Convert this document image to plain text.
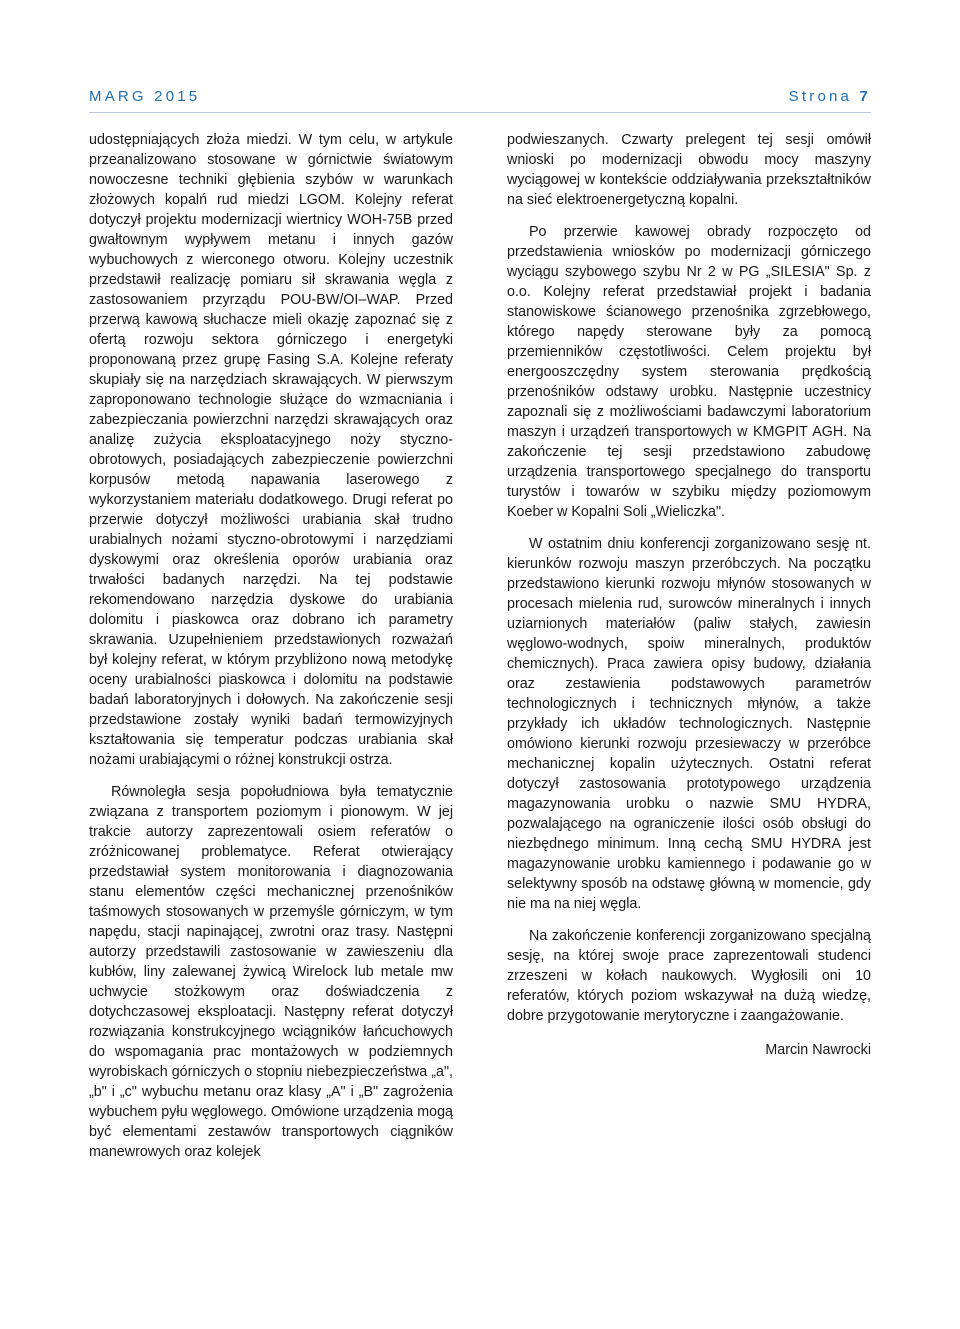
MARG 2015	Strona 7

udostępniających złoża miedzi. W tym celu, w artykule przeanalizowano stosowane w górnictwie światowym nowoczesne techniki głębienia szybów w warunkach złożowych kopalń rud miedzi LGOM. Kolejny referat dotyczył projektu modernizacji wiertnicy WOH-75B przed gwałtownym wypływem metanu i innych gazów wybuchowych z wierconego otworu. Kolejny uczestnik przedstawił realizację pomiaru sił skrawania węgla z zastosowaniem przyrządu POU-BW/OI–WAP. Przed przerwą kawową słuchacze mieli okazję zapoznać się z ofertą rozwoju sektora górniczego i energetyki proponowaną przez grupę Fasing S.A. Kolejne referaty skupiały się na narzędziach skrawających. W pierwszym zaproponowano technologie służące do wzmacniania i zabezpieczania powierzchni narzędzi skrawających oraz analizę zużycia eksploatacyjnego noży styczno-obrotowych, posiadających zabezpieczenie powierzchni korpusów metodą napawania laserowego z wykorzystaniem materiału dodatkowego. Drugi referat po przerwie dotyczył możliwości urabiania skał trudno urabialnych nożami styczno-obrotowymi i narzędziami dyskowymi oraz określenia oporów urabiania oraz trwałości badanych narzędzi. Na tej podstawie rekomendowano narzędzia dyskowe do urabiania dolomitu i piaskowca oraz dobrano ich parametry skrawania. Uzupełnieniem przedstawionych rozważań był kolejny referat, w którym przybliżono nową metodykę oceny urabialności piaskowca i dolomitu na podstawie badań laboratoryjnych i dołowych. Na zakończenie sesji przedstawione zostały wyniki badań termowizyjnych kształtowania się temperatur podczas urabiania skał nożami urabiającymi o różnej konstrukcji ostrza.

Równoległa sesja popołudniowa była tematycznie związana z transportem poziomym i pionowym. W jej trakcie autorzy zaprezentowali osiem referatów o zróżnicowanej problematyce. Referat otwierający przedstawiał system monitorowania i diagnozowania stanu elementów części mechanicznej przenośników taśmowych stosowanych w przemyśle górniczym, w tym napędu, stacji napinającej, zwrotni oraz trasy. Następni autorzy przedstawili zastosowanie w zawieszeniu dla kubłów, liny zalewanej żywicą Wirelock lub metale mw uchwycie stożkowym oraz doświadczenia z dotychczasowej eksploatacji. Następny referat dotyczył rozwiązania konstrukcyjnego wciągników łańcuchowych do wspomagania prac montażowych w podziemnych wyrobiskach górniczych o stopniu niebezpieczeństwa „a", „b" i „c" wybuchu metanu oraz klasy „A" i „B" zagrożenia wybuchem pyłu węglowego. Omówione urządzenia mogą być elementami zestawów transportowych ciągników manewrowych oraz kolejek

podwieszanych. Czwarty prelegent tej sesji omówił wnioski po modernizacji obwodu mocy maszyny wyciągowej w kontekście oddziaływania przekształtników na sieć elektroenergetyczną kopalni.

Po przerwie kawowej obrady rozpoczęto od przedstawienia wniosków po modernizacji górniczego wyciągu szybowego szybu Nr 2 w PG „SILESIA" Sp. z o.o. Kolejny referat przedstawiał projekt i badania stanowiskowe ścianowego przenośnika zgrzebłowego, którego napędy sterowane były za pomocą przemienników częstotliwości. Celem projektu był energooszczędny system sterowania prędkością przenośników odstawy urobku. Następnie uczestnicy zapoznali się z możliwościami badawczymi laboratorium maszyn i urządzeń transportowych w KMGPIT AGH. Na zakończenie tej sesji przedstawiono zabudowę urządzenia transportowego specjalnego do transportu turystów i towarów w szybiku między poziomowym Koeber w Kopalni Soli „Wieliczka".

W ostatnim dniu konferencji zorganizowano sesję nt. kierunków rozwoju maszyn przeróbczych. Na początku przedstawiono kierunki rozwoju młynów stosowanych w procesach mielenia rud, surowców mineralnych i innych uziarnionych materiałów (paliw stałych, zawiesin węglowo-wodnych, spoiw mineralnych, produktów chemicznych). Praca zawiera opisy budowy, działania oraz zestawienia podstawowych parametrów technologicznych i technicznych młynów, a także przykłady ich układów technologicznych. Następnie omówiono kierunki rozwoju przesiewaczy w przeróbce mechanicznej kopalin użytecznych. Ostatni referat dotyczył zastosowania prototypowego urządzenia magazynowania urobku o nazwie SMU HYDRA, pozwalającego na ograniczenie ilości osób obsługi do niezbędnego minimum. Inną cechą SMU HYDRA jest magazynowanie urobku kamiennego i podawanie go w selektywny sposób na odstawę główną w momencie, gdy nie ma na niej węgla.

Na zakończenie konferencji zorganizowano specjalną sesję, na której swoje prace zaprezentowali studenci zrzeszeni w kołach naukowych. Wygłosili oni 10 referatów, których poziom wskazywał na dużą wiedzę, dobre przygotowanie merytoryczne i zaangażowanie.

Marcin Nawrocki
